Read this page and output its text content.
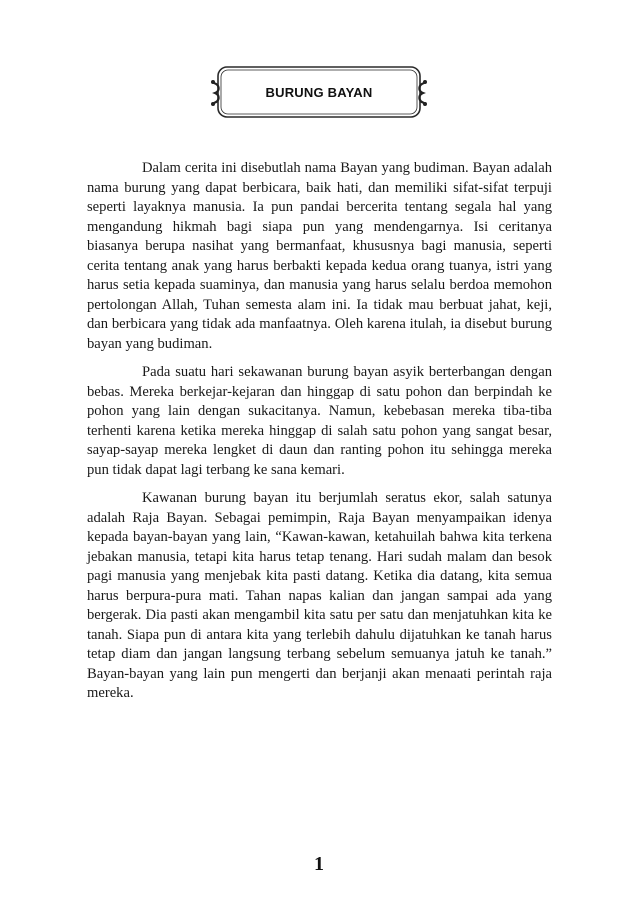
BURUNG BAYAN

Dalam cerita ini disebutlah nama Bayan yang budiman. Bayan adalah nama burung yang dapat berbicara, baik hati, dan memiliki sifat-sifat terpuji seperti layaknya manusia. Ia pun pandai bercerita tentang segala hal yang mengandung hikmah bagi siapa pun yang mendengarnya. Isi ceritanya biasanya berupa nasihat yang bermanfaat, khususnya bagi manusia, seperti cerita tentang anak yang harus berbakti kepada kedua orang tuanya, istri yang harus setia kepada suaminya, dan manusia yang harus selalu berdoa memohon pertolongan Allah, Tuhan semesta alam ini. Ia tidak mau berbuat jahat, keji, dan berbicara yang tidak ada manfaatnya. Oleh karena itulah, ia disebut burung bayan yang budiman.

Pada suatu hari sekawanan burung bayan asyik berterbangan dengan bebas. Mereka berkejar-kejaran dan hinggap di satu pohon dan berpindah ke pohon yang lain dengan sukacitanya. Namun, kebebasan mereka tiba-tiba terhenti karena ketika mereka hinggap di salah satu pohon yang sangat besar, sayap-sayap mereka lengket di daun dan ranting pohon itu sehingga mereka pun tidak dapat lagi terbang ke sana kemari.

Kawanan burung bayan itu berjumlah seratus ekor, salah satunya adalah Raja Bayan. Sebagai pemimpin, Raja Bayan menyampaikan idenya kepada bayan-bayan yang lain, “Kawan-kawan, ketahuilah bahwa kita terkena jebakan manusia, tetapi kita harus tetap tenang. Hari sudah malam dan besok pagi manusia yang menjebak kita pasti datang. Ketika dia datang, kita semua harus berpura-pura mati. Tahan napas kalian dan jangan sampai ada yang bergerak. Dia pasti akan mengambil kita satu per satu dan menjatuhkan kita ke tanah. Siapa pun di antara kita yang terlebih dahulu dijatuhkan ke tanah harus tetap diam dan jangan langsung terbang sebelum semuanya jatuh ke tanah.” Bayan-bayan yang lain pun mengerti dan berjanji akan menaati perintah raja mereka.

1
